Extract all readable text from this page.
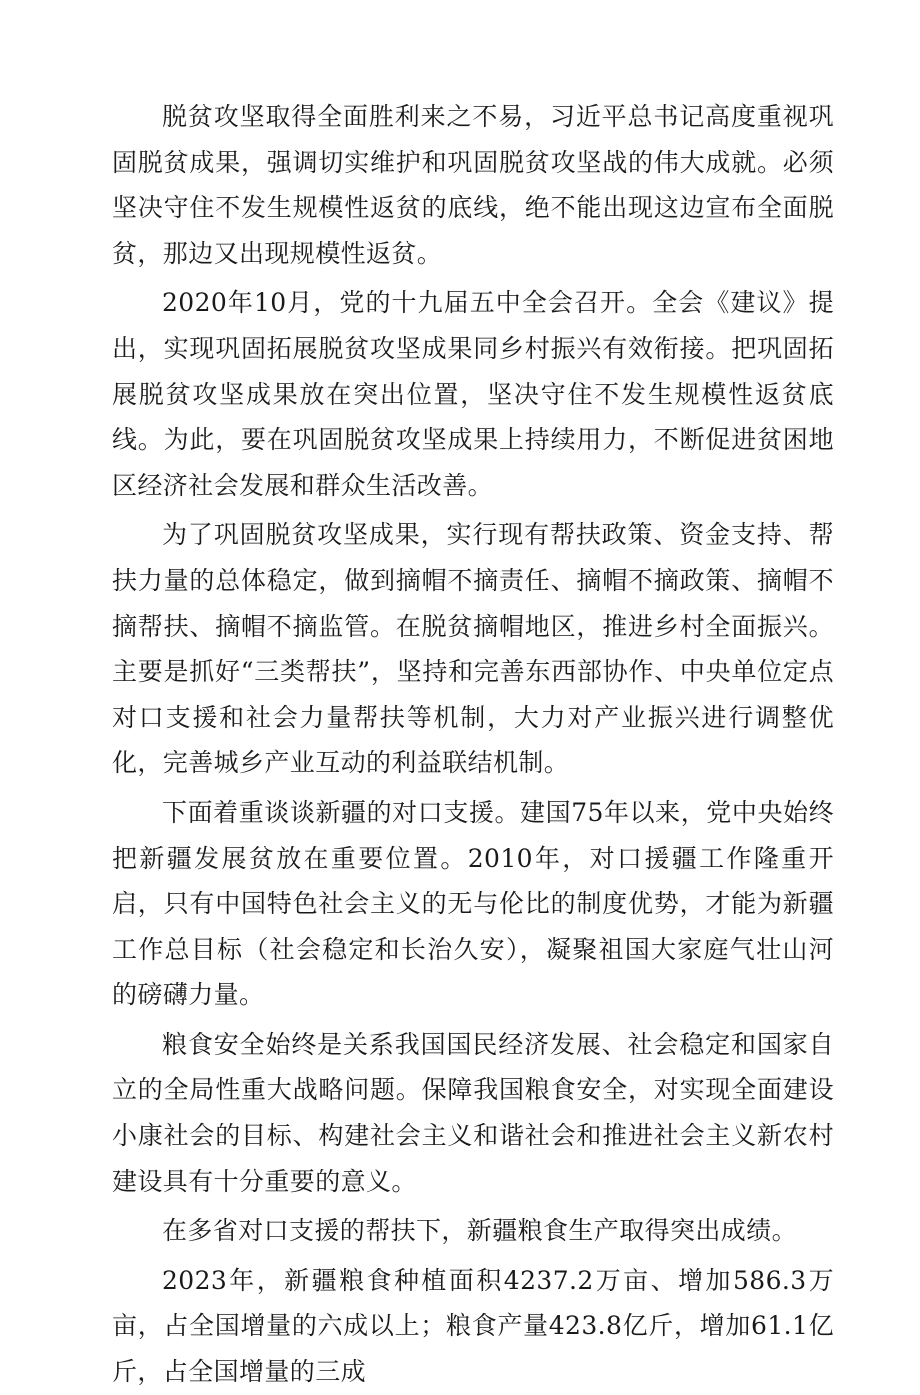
脱贫攻坚取得全面胜利来之不易，习近平总书记高度重视巩固脱贫成果，强调切实维护和巩固脱贫攻坚战的伟大成就。必须坚决守住不发生规模性返贫的底线，绝不能出现这边宣布全面脱贫，那边又出现规模性返贫。

2020年10月，党的十九届五中全会召开。全会《建议》提出，实现巩固拓展脱贫攻坚成果同乡村振兴有效衔接。把巩固拓展脱贫攻坚成果放在突出位置，坚决守住不发生规模性返贫底线。为此，要在巩固脱贫攻坚成果上持续用力，不断促进贫困地区经济社会发展和群众生活改善。

为了巩固脱贫攻坚成果，实行现有帮扶政策、资金支持、帮扶力量的总体稳定，做到摘帽不摘责任、摘帽不摘政策、摘帽不摘帮扶、摘帽不摘监管。在脱贫摘帽地区，推进乡村全面振兴。主要是抓好“三类帮扶”，坚持和完善东西部协作、中央单位定点对口支援和社会力量帮扶等机制，大力对产业振兴进行调整优化，完善城乡产业互动的利益联结机制。

下面着重谈谈新疆的对口支援。建国75年以来，党中央始终把新疆发展贫放在重要位置。2010年，对口援疆工作隆重开启，只有中国特色社会主义的无与伦比的制度优势，才能为新疆工作总目标（社会稳定和长治久安），凝聚祖国大家庭气壮山河的磅礴力量。

粮食安全始终是关系我国国民经济发展、社会稳定和国家自立的全局性重大战略问题。保障我国粮食安全，对实现全面建设小康社会的目标、构建社会主义和谐社会和推进社会主义新农村建设具有十分重要的意义。

在多省对口支援的帮扶下，新疆粮食生产取得突出成绩。

2023年，新疆粮食种植面积4237.2万亩、增加586.3万亩，占全国增量的六成以上；粮食产量423.8亿斤，增加61.1亿斤，占全国增量的三成
